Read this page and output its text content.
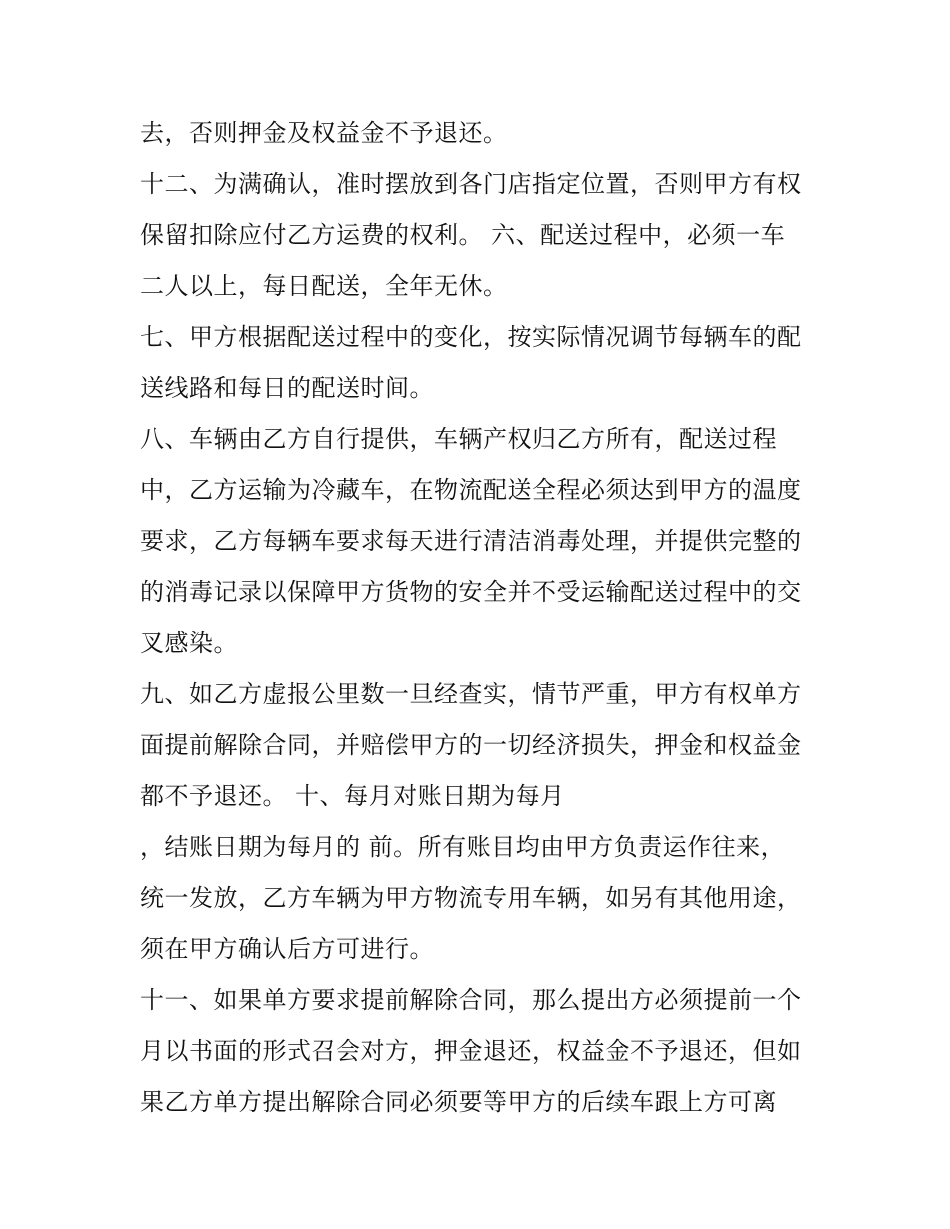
去，否则押金及权益金不予退还。
十二、为满确认，准时摆放到各门店指定位置，否则甲方有权
保留扣除应付乙方运费的权利。 六、配送过程中，必须一车
二人以上，每日配送，全年无休。
七、甲方根据配送过程中的变化，按实际情况调节每辆车的配
送线路和每日的配送时间。
八、车辆由乙方自行提供，车辆产权归乙方所有，配送过程
中，乙方运输为冷藏车，在物流配送全程必须达到甲方的温度
要求，乙方每辆车要求每天进行清洁消毒处理，并提供完整的
的消毒记录以保障甲方货物的安全并不受运输配送过程中的交
叉感染。
九、如乙方虚报公里数一旦经查实，情节严重，甲方有权单方
面提前解除合同，并赔偿甲方的一切经济损失，押金和权益金
都不予退还。 十、每月对账日期为每月
，结账日期为每月的 前。所有账目均由甲方负责运作往来，
统一发放，乙方车辆为甲方物流专用车辆，如另有其他用途，
须在甲方确认后方可进行。
十一、如果单方要求提前解除合同，那么提出方必须提前一个
月以书面的形式召会对方，押金退还，权益金不予退还，但如
果乙方单方提出解除合同必须要等甲方的后续车跟上方可离
